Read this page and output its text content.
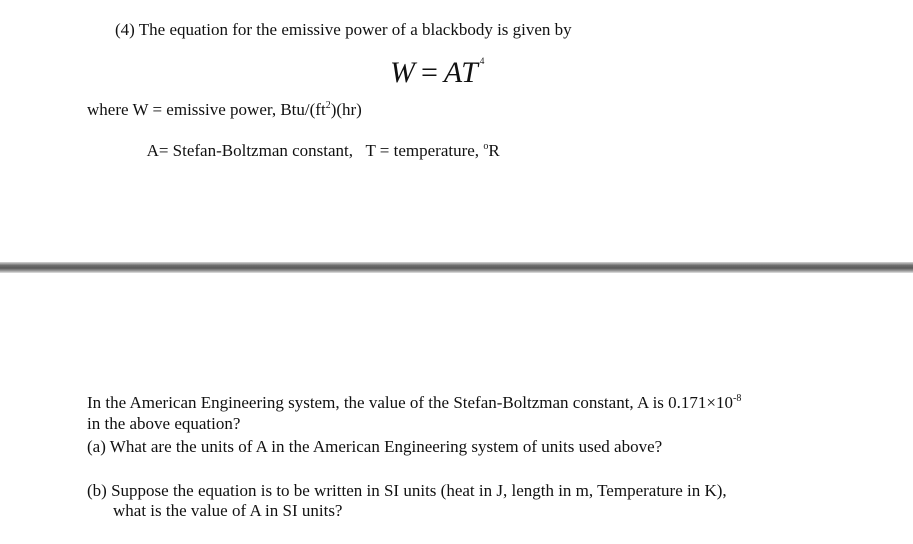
(4) The equation for the emissive power of a blackbody is given by
W = AT $^4$
where W = emissive power, Btu/$(ft^2)(hr)$

A= Stefan-Boltzman constant,   T = temperature, $^o$R

In the American Engineering system, the value of the Stefan-Boltzman constant, A is $0.171\times 10^{-8}$
in the above equation?
(a) What are the units of A in the American Engineering system of units used above?
(b) Suppose the equation is to be written in SI units (heat in J, length in m, Temperature in K),
what is the value of A in SI units?
